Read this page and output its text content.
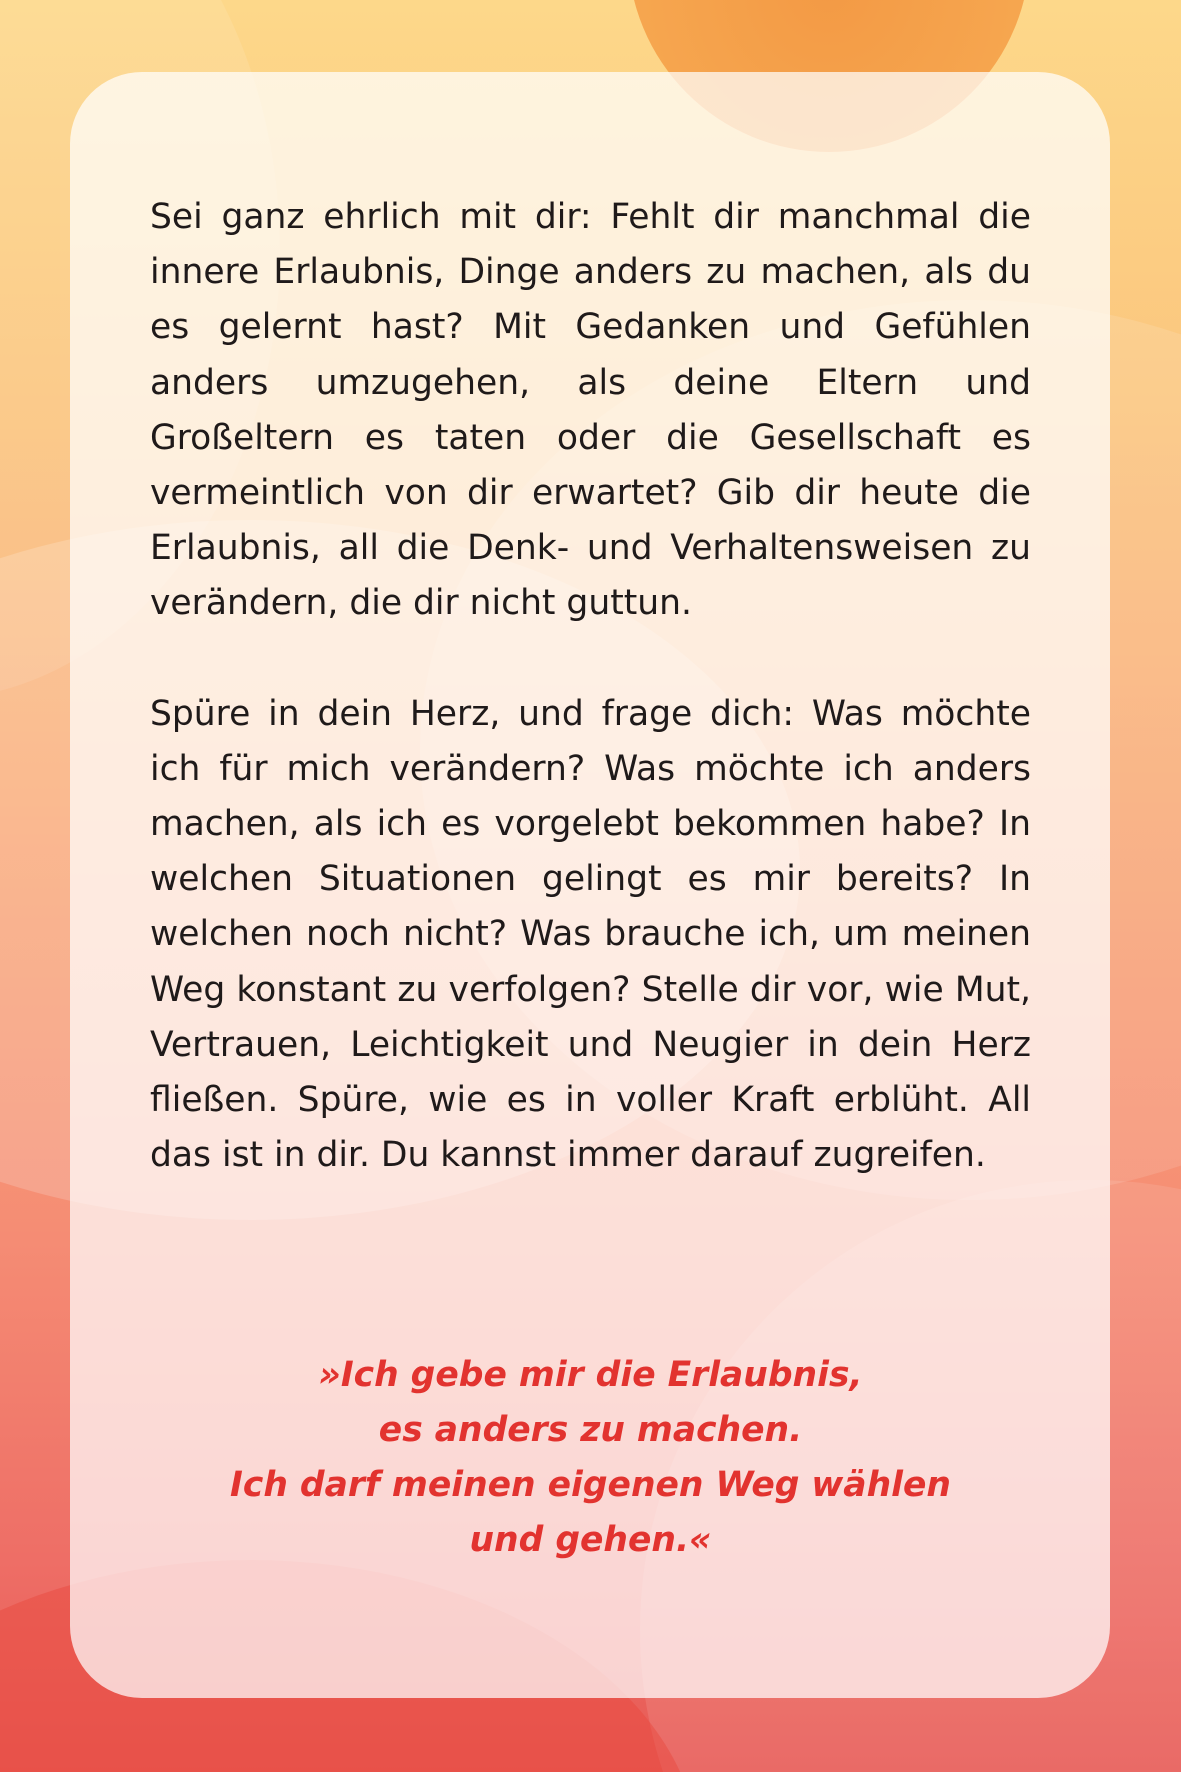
Sei ganz ehrlich mit dir: Fehlt dir manchmal die innere Erlaubnis, Dinge anders zu machen, als du es gelernt hast? Mit Gedanken und Gefühlen anders umzugehen, als deine Eltern und Großeltern es taten oder die Gesellschaft es vermeintlich von dir erwartet? Gib dir heute die Erlaubnis, all die Denk- und Verhaltensweisen zu verändern, die dir nicht guttun.

Spüre in dein Herz, und frage dich: Was möchte ich für mich verändern? Was möchte ich anders machen, als ich es vorgelebt bekommen habe? In welchen Situationen gelingt es mir bereits? In welchen noch nicht? Was brauche ich, um meinen Weg konstant zu verfolgen? Stelle dir vor, wie Mut, Vertrauen, Leichtigkeit und Neugier in dein Herz fließen. Spüre, wie es in voller Kraft erblüht. All das ist in dir. Du kannst immer darauf zugreifen.

»Ich gebe mir die Erlaubnis,
es anders zu machen.
Ich darf meinen eigenen Weg wählen
und gehen.«
